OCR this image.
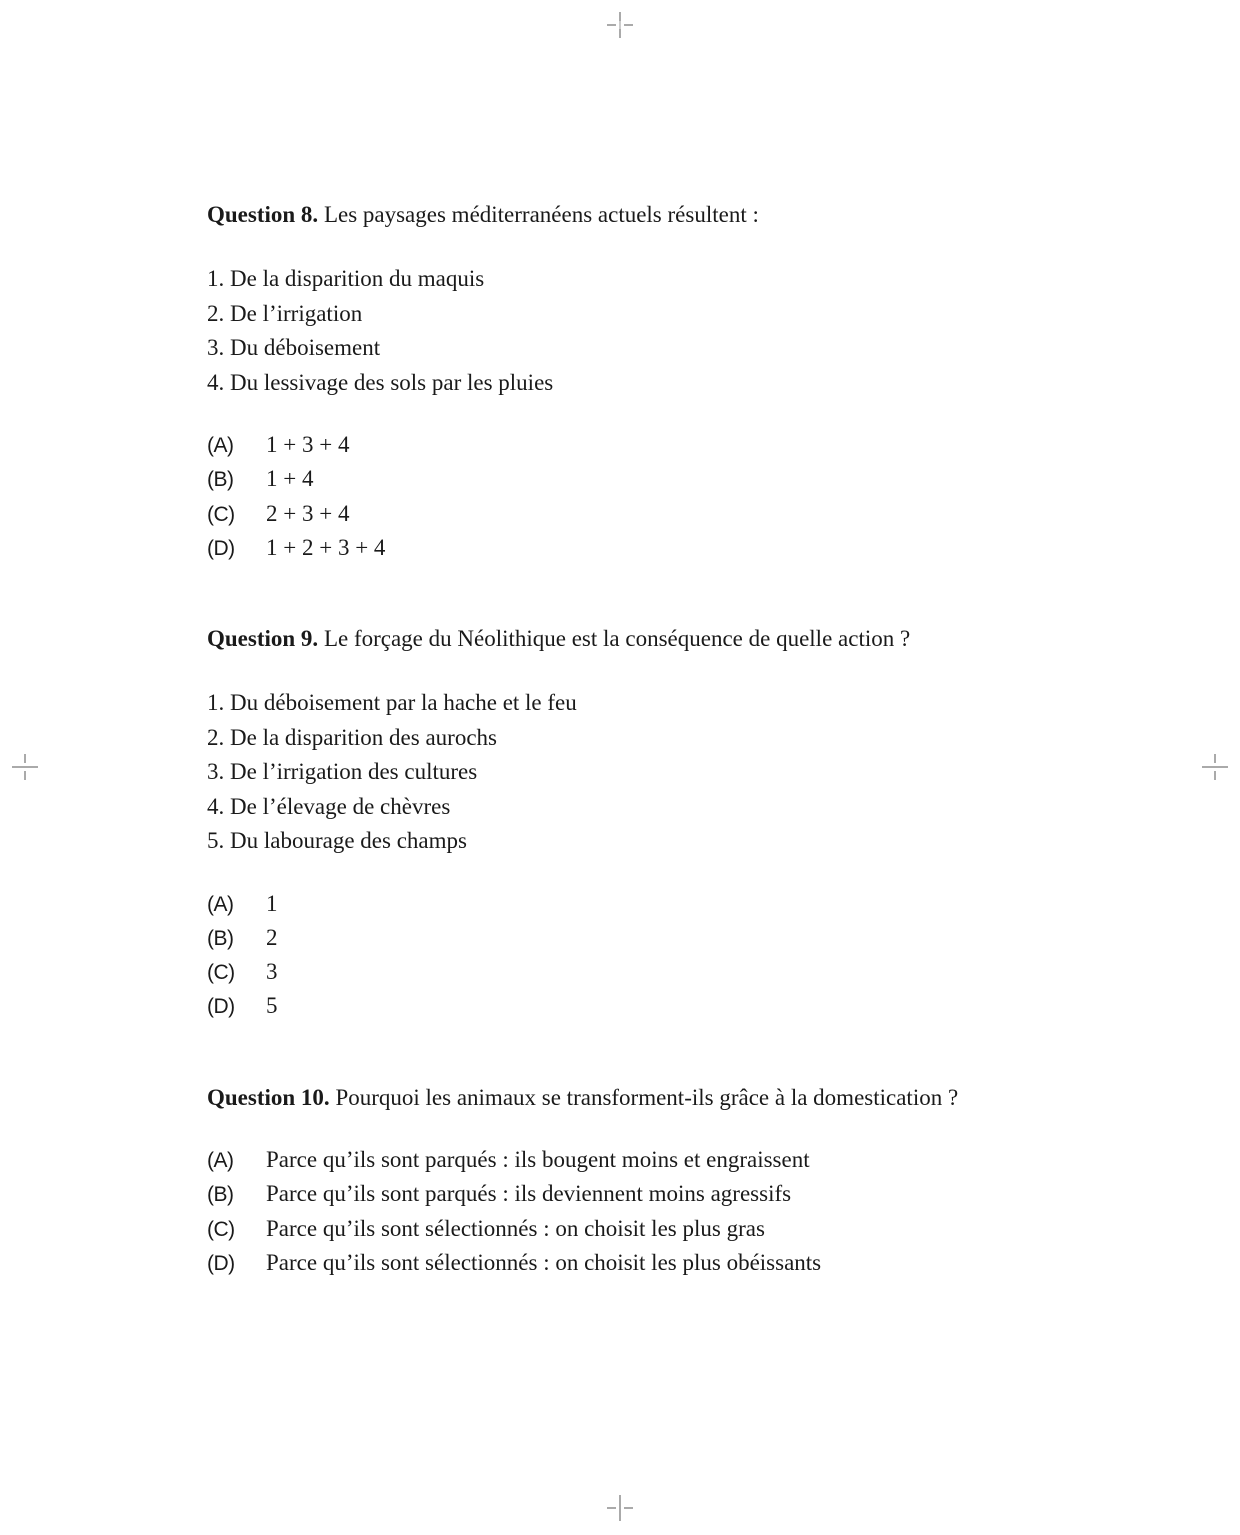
Question 8. Les paysages méditerranéens actuels résultent :

1. De la disparition du maquis
2. De l’irrigation
3. Du déboisement
4. Du lessivage des sols par les pluies
(A)	1 + 3 + 4
(B)	1 + 4
(C)	2 + 3 + 4
(D)	1 + 2 + 3 + 4

Question 9. Le forçage du Néolithique est la conséquence de quelle action ?

1. Du déboisement par la hache et le feu
2. De la disparition des aurochs
3. De l’irrigation des cultures
4. De l’élevage de chèvres
5. Du labourage des champs
(A)	1
(B)	2
(C)	3
(D)	5

Question 10. Pourquoi les animaux se transforment-ils grâce à la domestication ?

(A)	Parce qu’ils sont parqués : ils bougent moins et engraissent
(B)	Parce qu’ils sont parqués : ils deviennent moins agressifs
(C)	Parce qu’ils sont sélectionnés : on choisit les plus gras
(D)	Parce qu’ils sont sélectionnés : on choisit les plus obéissants
